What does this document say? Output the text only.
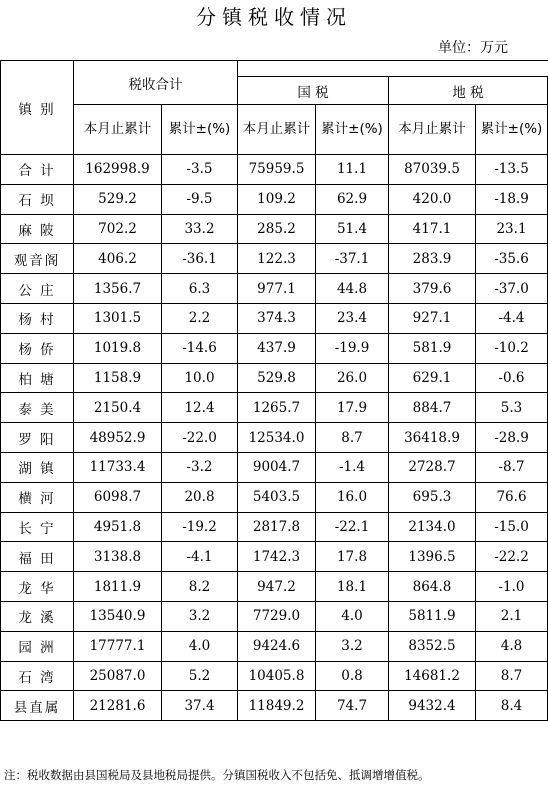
分镇税收情况
单位：万元
镇 别	税收合计					
			国 税		地 税	
	本月止累计	累计±(%)	本月止累计	累计±(%)	本月止累计	累计±(%)
合 计	162998.9	-3.5	75959.5	11.1	87039.5	-13.5
石 坝	529.2	-9.5	109.2	62.9	420.0	-18.9
麻 陂	702.2	33.2	285.2	51.4	417.1	23.1
观音阁	406.2	-36.1	122.3	-37.1	283.9	-35.6
公 庄	1356.7	6.3	977.1	44.8	379.6	-37.0
杨 村	1301.5	2.2	374.3	23.4	927.1	-4.4
杨 侨	1019.8	-14.6	437.9	-19.9	581.9	-10.2
柏 塘	1158.9	10.0	529.8	26.0	629.1	-0.6
泰 美	2150.4	12.4	1265.7	17.9	884.7	5.3
罗 阳	48952.9	-22.0	12534.0	8.7	36418.9	-28.9
湖 镇	11733.4	-3.2	9004.7	-1.4	2728.7	-8.7
横 河	6098.7	20.8	5403.5	16.0	695.3	76.6
长 宁	4951.8	-19.2	2817.8	-22.1	2134.0	-15.0
福 田	3138.8	-4.1	1742.3	17.8	1396.5	-22.2
龙 华	1811.9	8.2	947.2	18.1	864.8	-1.0
龙 溪	13540.9	3.2	7729.0	4.0	5811.9	2.1
园 洲	17777.1	4.0	9424.6	3.2	8352.5	4.8
石 湾	25087.0	5.2	10405.8	0.8	14681.2	8.7
县直属	21281.6	37.4	11849.2	74.7	9432.4	8.4
注：税收数据由县国税局及县地税局提供。分镇国税收入不包括免、抵调增增值税。
